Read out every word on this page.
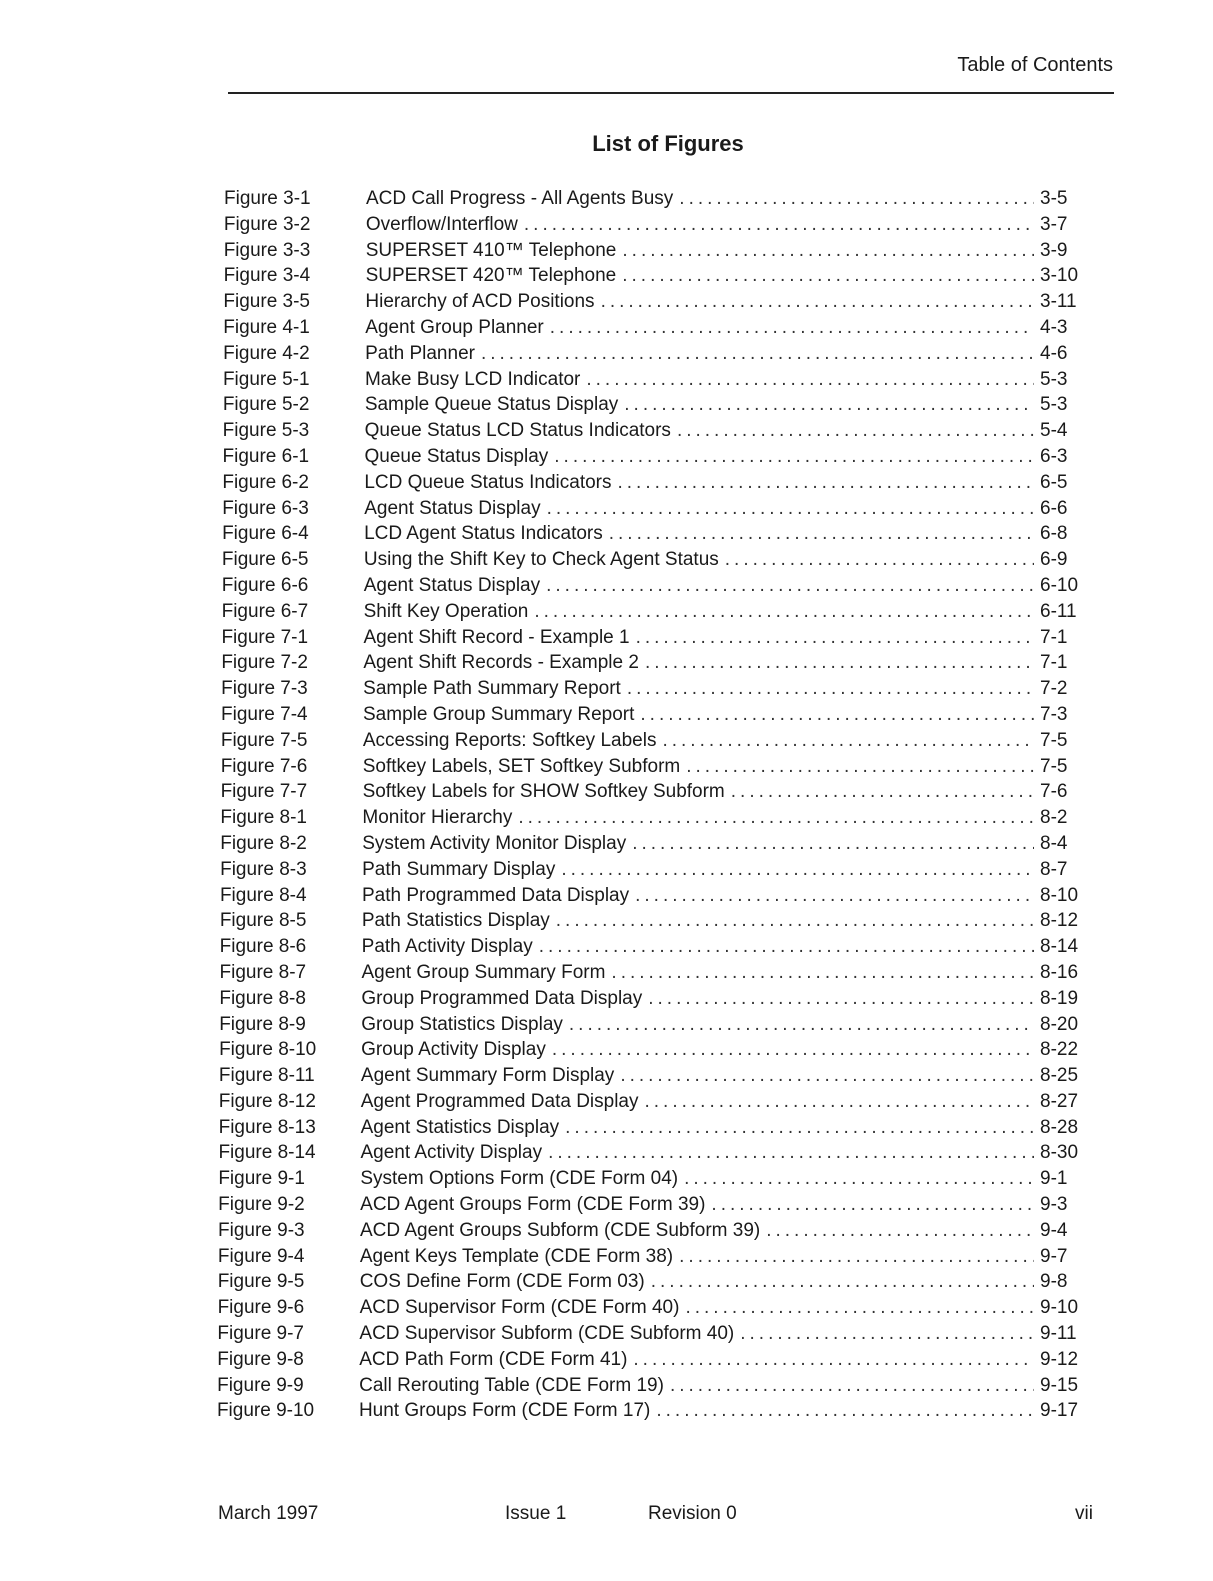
Table of Contents
List of Figures
Figure 3-1	ACD Call Progress - All Agents Busy .....	3-5
Figure 3-2	Overflow/Interflow .....	3-7
Figure 3-3	SUPERSET 410™ Telephone .....	3-9
Figure 3-4	SUPERSET 420™ Telephone .....	3-10
Figure 3-5	Hierarchy of ACD Positions .....	3-11
Figure 4-1	Agent Group Planner .....	4-3
Figure 4-2	Path Planner .....	4-6
Figure 5-1	Make Busy LCD Indicator .....	5-3
Figure 5-2	Sample Queue Status Display .....	5-3
Figure 5-3	Queue Status LCD Status Indicators .....	5-4
Figure 6-1	Queue Status Display .....	6-3
Figure 6-2	LCD Queue Status Indicators .....	6-5
Figure 6-3	Agent Status Display .....	6-6
Figure 6-4	LCD Agent Status Indicators .....	6-8
Figure 6-5	Using the Shift Key to Check Agent Status .....	6-9
Figure 6-6	Agent Status Display .....	6-10
Figure 6-7	Shift Key Operation .....	6-11
Figure 7-1	Agent Shift Record - Example 1 .....	7-1
Figure 7-2	Agent Shift Records - Example 2 .....	7-1
Figure 7-3	Sample Path Summary Report .....	7-2
Figure 7-4	Sample Group Summary Report .....	7-3
Figure 7-5	Accessing Reports: Softkey Labels .....	7-5
Figure 7-6	Softkey Labels, SET Softkey Subform .....	7-5
Figure 7-7	Softkey Labels for SHOW Softkey Subform .....	7-6
Figure 8-1	Monitor Hierarchy .....	8-2
Figure 8-2	System Activity Monitor Display .....	8-4
Figure 8-3	Path Summary Display .....	8-7
Figure 8-4	Path Programmed Data Display .....	8-10
Figure 8-5	Path Statistics Display .....	8-12
Figure 8-6	Path Activity Display .....	8-14
Figure 8-7	Agent Group Summary Form .....	8-16
Figure 8-8	Group Programmed Data Display .....	8-19
Figure 8-9	Group Statistics Display .....	8-20
Figure 8-10	Group Activity Display .....	8-22
Figure 8-11	Agent Summary Form Display .....	8-25
Figure 8-12	Agent Programmed Data Display .....	8-27
Figure 8-13	Agent Statistics Display .....	8-28
Figure 8-14	Agent Activity Display .....	8-30
Figure 9-1	System Options Form (CDE Form 04) .....	9-1
Figure 9-2	ACD Agent Groups Form (CDE Form 39) .....	9-3
Figure 9-3	ACD Agent Groups Subform (CDE Subform 39) .....	9-4
Figure 9-4	Agent Keys Template (CDE Form 38) .....	9-7
Figure 9-5	COS Define Form (CDE Form 03) .....	9-8
Figure 9-6	ACD Supervisor Form (CDE Form 40) .....	9-10
Figure 9-7	ACD Supervisor Subform (CDE Subform 40) .....	9-11
Figure 9-8	ACD Path Form (CDE Form 41) .....	9-12
Figure 9-9	Call Rerouting Table (CDE Form 19) .....	9-15
Figure 9-10	Hunt Groups Form (CDE Form 17) .....	9-17
March 1997	Issue 1	Revision 0	vii
